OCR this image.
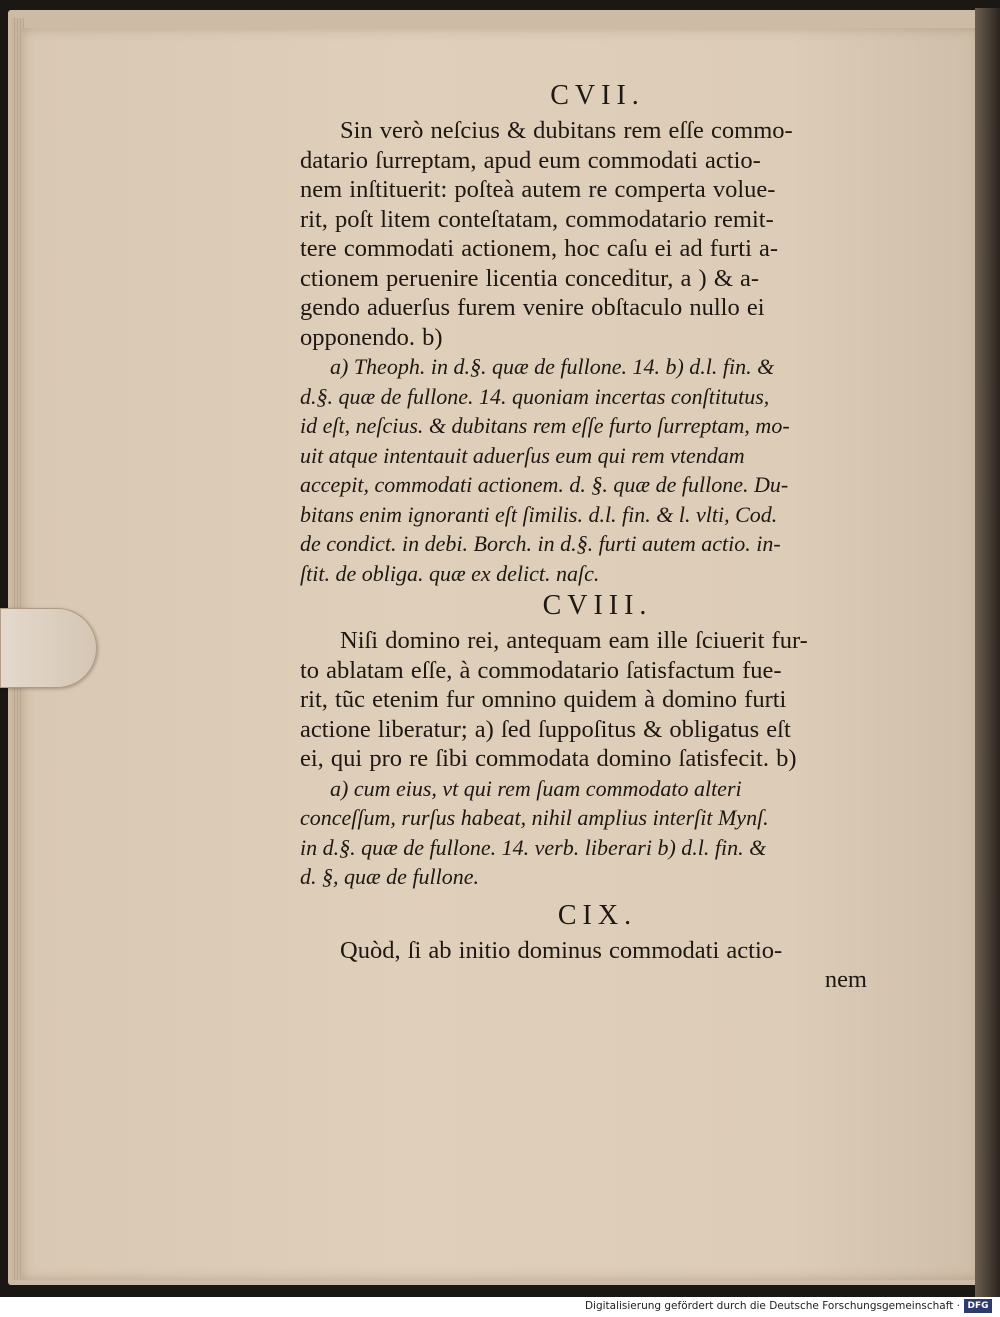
CVII.
Sin verò neſcius & dubitans rem eſſe commo-
datario ſurreptam, apud eum commodati actio-
nem inſtituerit: poſteà autem re comperta volue-
rit, poſt litem conteſtatam, commodatario remit-
tere commodati actionem, hoc caſu ei ad furti a-
ctionem peruenire licentia conceditur, a ) & a-
gendo aduerſus furem venire obſtaculo nullo ei
opponendo. b)
a) Theoph. in d.§. quæ de fullone. 14. b) d.l. fin. &
d.§. quæ de fullone. 14. quoniam incertas conſtitutus,
id eſt, neſcius. & dubitans rem eſſe furto ſurreptam, mo-
uit atque intentauit aduerſus eum qui rem vtendam
accepit, commodati actionem. d. §. quæ de fullone. Du-
bitans enim ignoranti eſt ſimilis. d.l. fin. & l. vlti, Cod.
de condict. in debi. Borch. in d.§. furti autem actio. in-
ſtit. de obliga. quæ ex delict. naſc.
CVIII.
Niſi domino rei, antequam eam ille ſciuerit fur-
to ablatam eſſe, à commodatario ſatisfactum fue-
rit, tũc etenim fur omnino quidem à domino furti
actione liberatur; a) ſed ſuppoſitus & obligatus eſt
ei, qui pro re ſibi commodata domino ſatisfecit. b)
a) cum eius, vt qui rem ſuam commodato alteri
conceſſum, rurſus habeat, nihil amplius interſit Mynſ.
in d.§. quæ de fullone. 14. verb. liberari b) d.l. fin. &
d. §, quæ de fullone.
CIX.
Quòd, ſi ab initio dominus commodati actio-
nem
Digitalisierung gefördert durch die Deutsche Forschungsgemeinschaft · DFG
